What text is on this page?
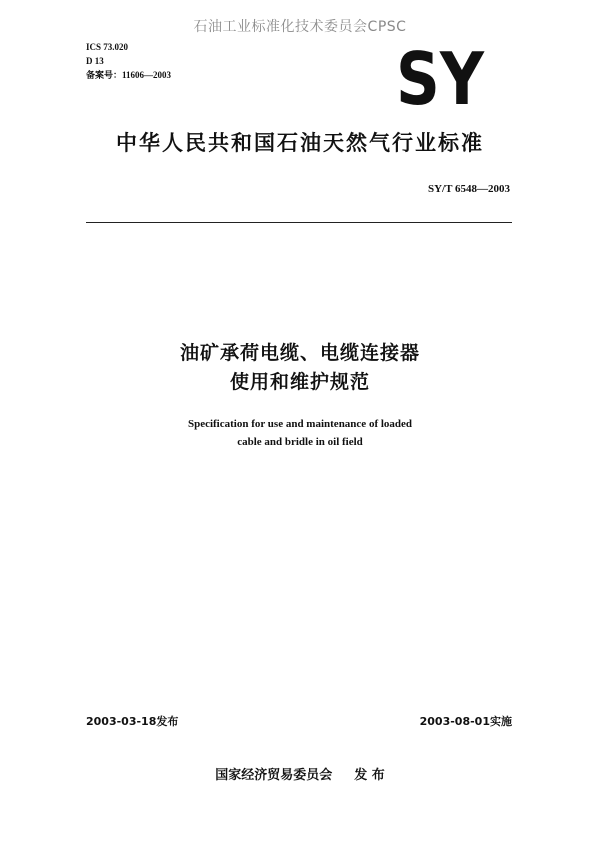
石油工业标准化技术委员会CPSC
ICS 73.020
D 13
备案号：11606—2003	SY
中华人民共和国石油天然气行业标准
SY/T 6548—2003
油矿承荷电缆、电缆连接器
使用和维护规范
Specification for use and maintenance of loaded
cable and bridle in oil field
2003-03-18发布	2003-08-01实施
国家经济贸易委员会 发 布
